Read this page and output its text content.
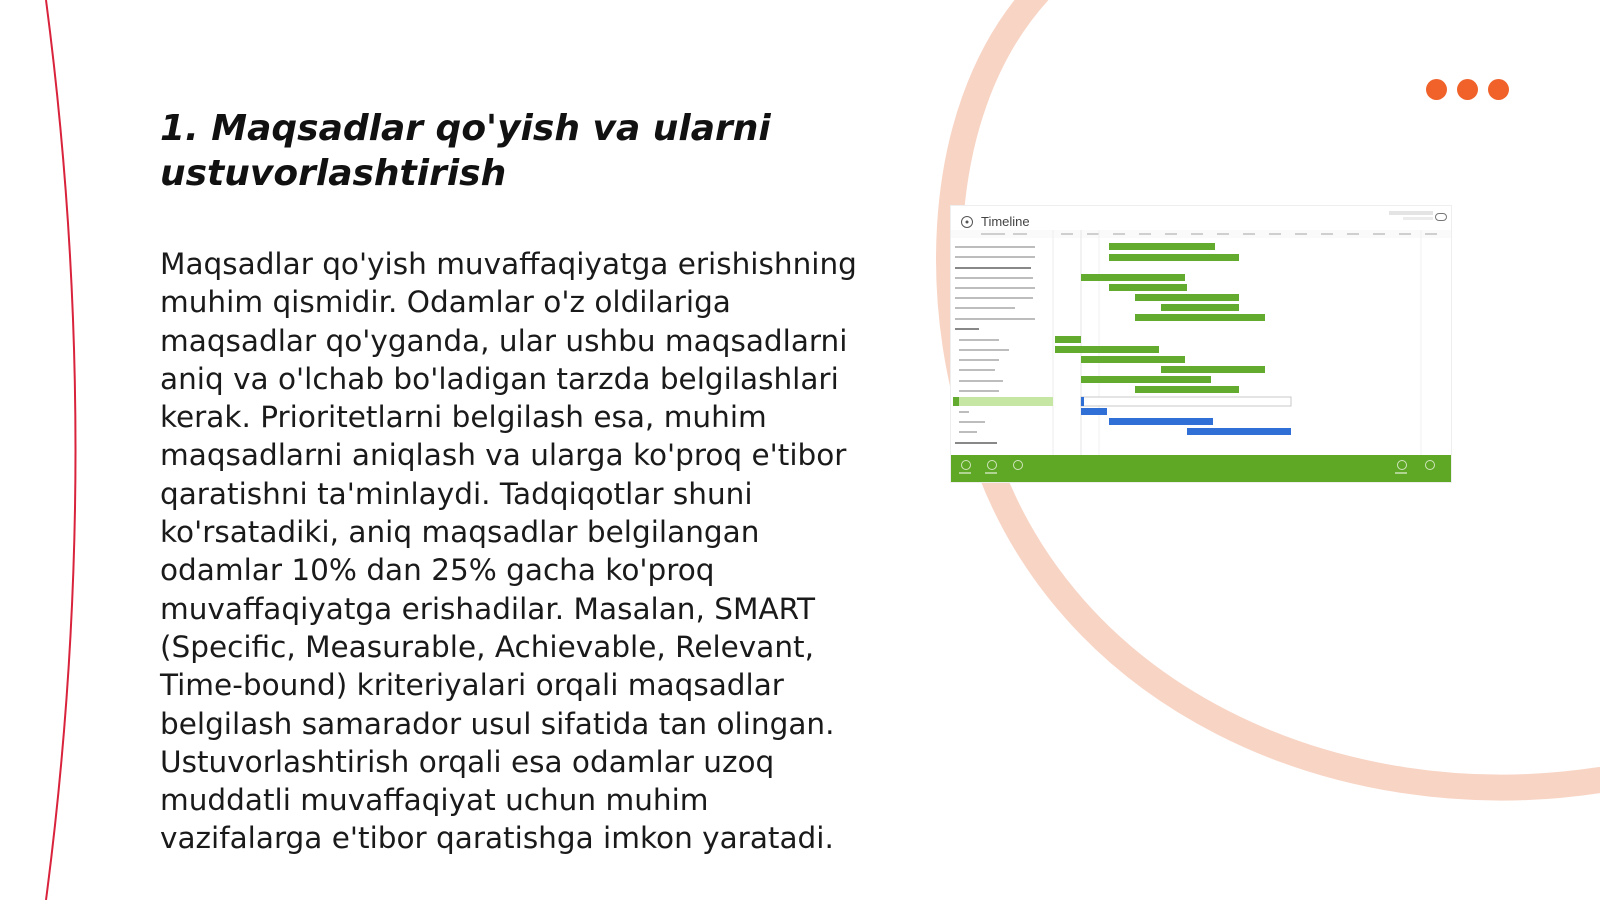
1. Maqsadlar qo'yish va ularni ustuvorlashtirish

Maqsadlar qo'yish muvaffaqiyatga erishishning muhim qismidir. Odamlar o'z oldilariga maqsadlar qo'yganda, ular ushbu maqsadlarni aniq va o'lchab bo'ladigan tarzda belgilashlari kerak. Prioritetlarni belgilash esa, muhim maqsadlarni aniqlash va ularga ko'proq e'tibor qaratishni ta'minlaydi. Tadqiqotlar shuni ko'rsatadiki, aniq maqsadlar belgilangan odamlar 10% dan 25% gacha ko'proq muvaffaqiyatga erishadilar. Masalan, SMART (Specific, Measurable, Achievable, Relevant, Time-bound) kriteriyalari orqali maqsadlar belgilash samarador usul sifatida tan olingan. Ustuvorlashtirish orqali esa odamlar uzoq muddatli muvaffaqiyat uchun muhim vazifalarga e'tibor qaratishga imkon yaratadi.

Timeline
